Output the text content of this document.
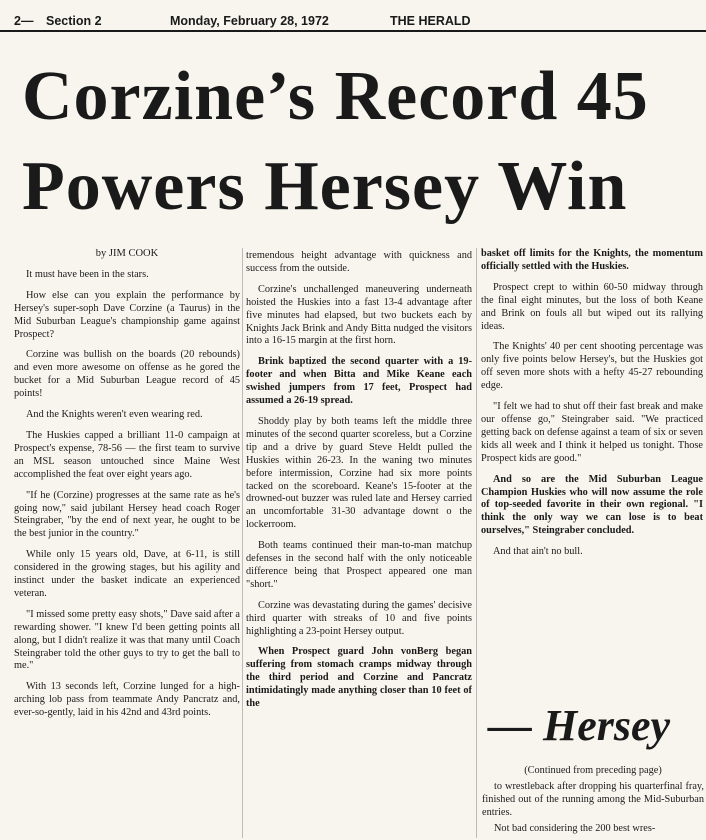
2— Section 2	Monday, February 28, 1972	THE HERALD
Corzine’s Record 45
Powers Hersey Win

by JIM COOK

It must have been in the stars.

How else can you explain the performance by Hersey's super-soph Dave Corzine (a Taurus) in the Mid Suburban League's championship game against Prospect?

Corzine was bullish on the boards (20 rebounds) and even more awesome on offense as he gored the bucket for a Mid Suburban League record of 45 points!

And the Knights weren't even wearing red.

The Huskies capped a brilliant 11-0 campaign at Prospect's expense, 78-56 — the first team to survive an MSL season untouched since Maine West accomplished the feat over eight years ago.

"If he (Corzine) progresses at the same rate as he's going now," said jubilant Hersey head coach Roger Steingraber, "by the end of next year, he ought to be the best junior in the country."

While only 15 years old, Dave, at 6-11, is still considered in the growing stages, but his agility and instinct under the basket indicate an experienced veteran.

"I missed some pretty easy shots," Dave said after a rewarding shower. "I knew I'd been getting points all along, but I didn't realize it was that many until Coach Steingraber told the other guys to try to get the ball to me."

With 13 seconds left, Corzine lunged for a high-arching lob pass from teammate Andy Pancratz and, ever-so-gently, laid in his 42nd and 43rd points.

tremendous height advantage with quickness and success from the outside.

Corzine's unchallenged maneuvering underneath hoisted the Huskies into a fast 13-4 advantage after five minutes had elapsed, but two buckets each by Knights Jack Brink and Andy Bitta nudged the visitors into a 16-15 margin at the first horn.

Brink baptized the second quarter with a 19-footer and when Bitta and Mike Keane each swished jumpers from 17 feet, Prospect had assumed a 26-19 spread.

Shoddy play by both teams left the middle three minutes of the second quarter scoreless, but a Corzine tip and a drive by guard Steve Heldt pulled the Huskies within 26-23. In the waning two minutes before intermission, Corzine had six more points tacked on the scoreboard. Keane's 15-footer at the drowned-out buzzer was ruled late and Hersey carried an uncomfortable 31-30 advantage downt o the lockerroom.

Both teams continued their man-to-man matchup defenses in the second half with the only noticeable difference being that Prospect appeared one man "short."

Corzine was devastating during the games' decisive third quarter with streaks of 10 and five points highlighting a 23-point Hersey output.

When Prospect guard John vonBerg began suffering from stomach cramps midway through the third period and Corzine and Pancratz intimidatingly made anything closer than 10 feet of the

basket off limits for the Knights, the momentum officially settled with the Huskies.

Prospect crept to within 60-50 midway through the final eight minutes, but the loss of both Keane and Brink on fouls all but wiped out its rallying ideas.

The Knights' 40 per cent shooting percentage was only five points below Hersey's, but the Huskies got off seven more shots with a hefty 45-27 rebounding edge.

"I felt we had to shut off their fast break and make our offense go," Steingraber said. "We practiced getting back on defense against a team of six or seven kids all week and I think it helped us tonight. Those Prospect kids are good."

And so are the Mid Suburban League Champion Huskies who will now assume the role of top-seeded favorite in their own regional. "I think the only way we can lose is to beat ourselves," Steingraber concluded.

And that ain't no bull.

— Hersey
(Continued from preceding page)

to wrestleback after dropping his quarterfinal fray, finished out of the running among the Mid-Suburban entries.

Not bad considering the 200 best wres-
